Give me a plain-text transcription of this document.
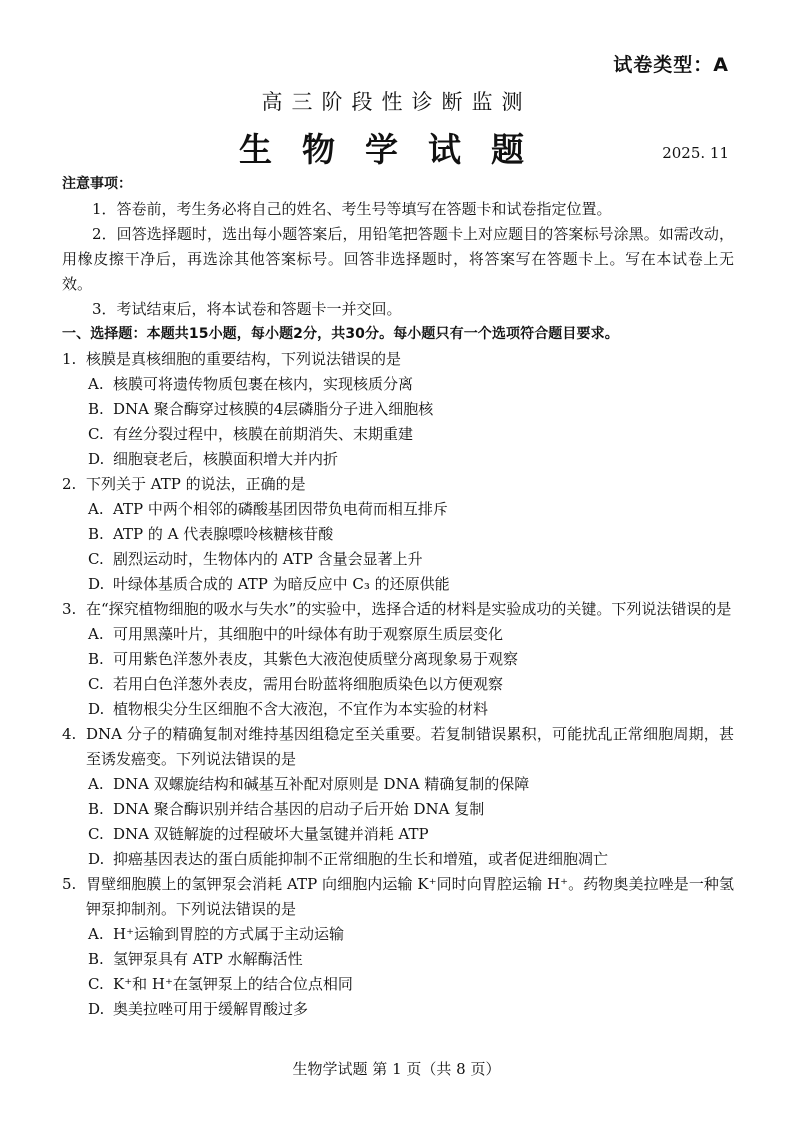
试卷类型：A
高三阶段性诊断监测
生物学试题	2025. 11
注意事项：
1．答卷前，考生务必将自己的姓名、考生号等填写在答题卡和试卷指定位置。
2．回答选择题时，选出每小题答案后，用铅笔把答题卡上对应题目的答案标号涂黑。如需改动，用橡皮擦干净后，再选涂其他答案标号。回答非选择题时，将答案写在答题卡上。写在本试卷上无效。
3．考试结束后，将本试卷和答题卡一并交回。
一、选择题：本题共15小题，每小题2分，共30分。每小题只有一个选项符合题目要求。
1. 核膜是真核细胞的重要结构，下列说法错误的是
A. 核膜可将遗传物质包裹在核内，实现核质分离
B. DNA 聚合酶穿过核膜的4层磷脂分子进入细胞核
C. 有丝分裂过程中，核膜在前期消失、末期重建
D. 细胞衰老后，核膜面积增大并内折
2. 下列关于 ATP 的说法，正确的是
A. ATP 中两个相邻的磷酸基团因带负电荷而相互排斥
B. ATP 的 A 代表腺嘌呤核糖核苷酸
C. 剧烈运动时，生物体内的 ATP 含量会显著上升
D. 叶绿体基质合成的 ATP 为暗反应中 C₃ 的还原供能
3. 在“探究植物细胞的吸水与失水”的实验中，选择合适的材料是实验成功的关键。下列说法错误的是
A. 可用黑藻叶片，其细胞中的叶绿体有助于观察原生质层变化
B. 可用紫色洋葱外表皮，其紫色大液泡使质壁分离现象易于观察
C. 若用白色洋葱外表皮，需用台盼蓝将细胞质染色以方便观察
D. 植物根尖分生区细胞不含大液泡，不宜作为本实验的材料
4. DNA 分子的精确复制对维持基因组稳定至关重要。若复制错误累积，可能扰乱正常细胞周期，甚至诱发癌变。下列说法错误的是
A. DNA 双螺旋结构和碱基互补配对原则是 DNA 精确复制的保障
B. DNA 聚合酶识别并结合基因的启动子后开始 DNA 复制
C. DNA 双链解旋的过程破坏大量氢键并消耗 ATP
D. 抑癌基因表达的蛋白质能抑制不正常细胞的生长和增殖，或者促进细胞凋亡
5. 胃壁细胞膜上的氢钾泵会消耗 ATP 向细胞内运输 K⁺同时向胃腔运输 H⁺。药物奥美拉唑是一种氢钾泵抑制剂。下列说法错误的是
A. H⁺运输到胃腔的方式属于主动运输
B. 氢钾泵具有 ATP 水解酶活性
C. K⁺和 H⁺在氢钾泵上的结合位点相同
D. 奥美拉唑可用于缓解胃酸过多
生物学试题 第 1 页（共 8 页）
